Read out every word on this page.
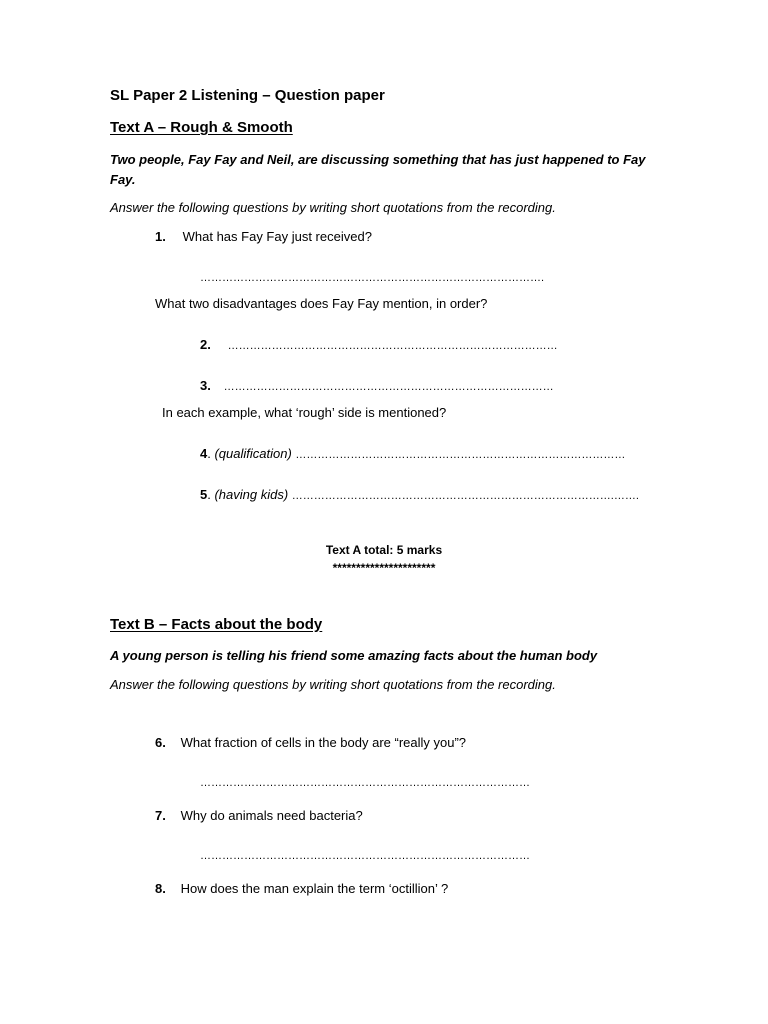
SL Paper 2 Listening – Question paper
Text A – Rough & Smooth
Two people, Fay Fay and Neil, are discussing something that has just happened to Fay Fay.
Answer the following questions by writing short quotations from the recording.
1. What has Fay Fay just received?
………………………………………………………………………………….
What two disadvantages does Fay Fay mention, in order?
2. ………………………………………………………………………………
3. ………………………………………………………………………………
In each example, what ‘rough’ side is mentioned?
4. (qualification) ………………………………………………………………………………
5. (having kids) …………………………………………………………………………….…….
Text A total: 5 marks
**********************
Text B – Facts about the body
A young person is telling his friend some amazing facts about the human body
Answer the following questions by writing short quotations from the recording.
6. What fraction of cells in the body are “really you”?
………………………………………………………………………………
7. Why do animals need bacteria?
………………………………………………………………………………
8. How does the man explain the term ‘octillion’ ?
